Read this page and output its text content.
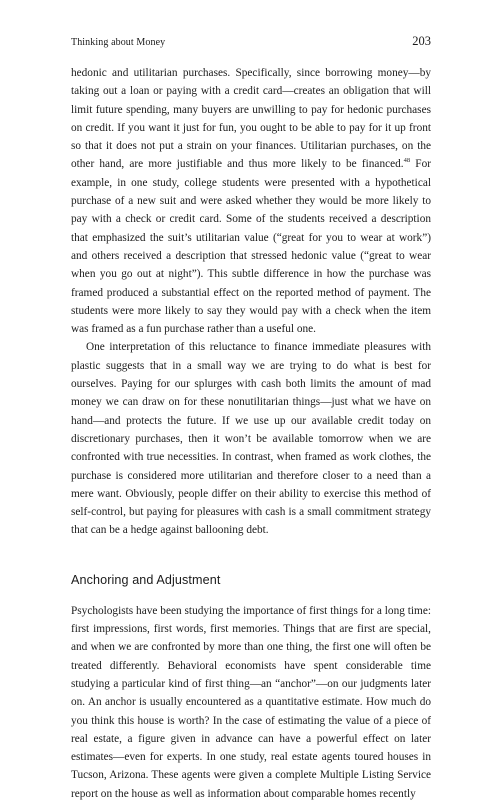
Thinking about Money	203

hedonic and utilitarian purchases. Specifically, since borrowing money—by taking out a loan or paying with a credit card—creates an obligation that will limit future spending, many buyers are unwilling to pay for hedonic purchases on credit. If you want it just for fun, you ought to be able to pay for it up front so that it does not put a strain on your finances. Utilitarian purchases, on the other hand, are more justifiable and thus more likely to be financed.$^{48}$ For example, in one study, college students were presented with a hypothetical purchase of a new suit and were asked whether they would be more likely to pay with a check or credit card. Some of the students received a description that emphasized the suit’s utilitarian value (“great for you to wear at work”) and others received a description that stressed hedonic value (“great to wear when you go out at night”). This subtle difference in how the purchase was framed produced a substantial effect on the reported method of payment. The students were more likely to say they would pay with a check when the item was framed as a fun purchase rather than a useful one.

One interpretation of this reluctance to finance immediate pleasures with plastic suggests that in a small way we are trying to do what is best for ourselves. Paying for our splurges with cash both limits the amount of mad money we can draw on for these nonutilitarian things—just what we have on hand—and protects the future. If we use up our available credit today on discretionary purchases, then it won’t be available tomorrow when we are confronted with true necessities. In contrast, when framed as work clothes, the purchase is considered more utilitarian and therefore closer to a need than a mere want. Obviously, people differ on their ability to exercise this method of self-control, but paying for pleasures with cash is a small commitment strategy that can be a hedge against ballooning debt.

Anchoring and Adjustment

Psychologists have been studying the importance of first things for a long time: first impressions, first words, first memories. Things that are first are special, and when we are confronted by more than one thing, the first one will often be treated differently. Behavioral economists have spent considerable time studying a particular kind of first thing—an “anchor”—on our judgments later on. An anchor is usually encountered as a quantitative estimate. How much do you think this house is worth? In the case of estimating the value of a piece of real estate, a figure given in advance can have a powerful effect on later estimates—even for experts. In one study, real estate agents toured houses in Tucson, Arizona. These agents were given a complete Multiple Listing Service report on the house as well as information about comparable homes recently
